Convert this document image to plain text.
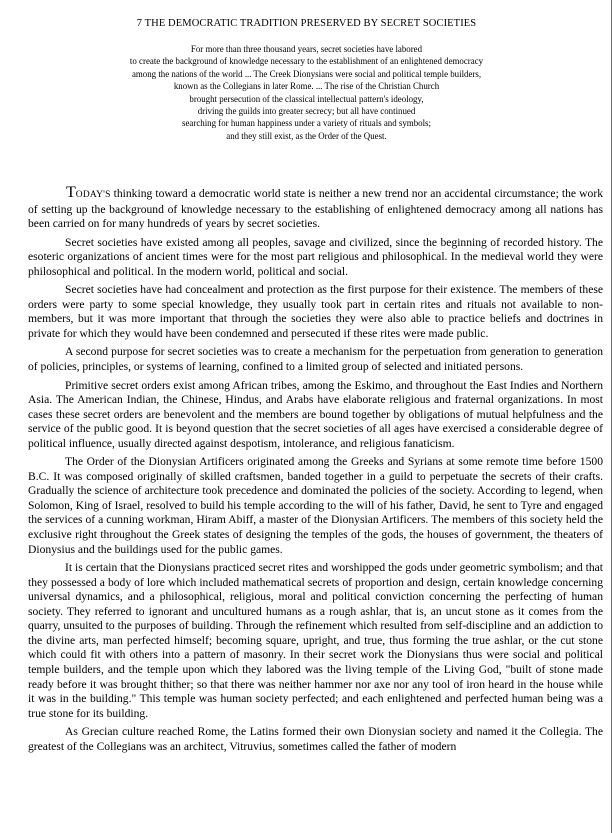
7 THE DEMOCRATIC TRADITION PRESERVED BY SECRET SOCIETIES
For more than three thousand years, secret societies have labored
to create the background of knowledge necessary to the establishment of an enlightened democracy
among the nations of the world ... The Creek Dionysians were social and political temple builders,
known as the Collegians in later Rome. ... The rise of the Christian Church
brought persecution of the classical intellectual pattern's ideology,
driving the guilds into greater secrecy; but all have continued
searching for human happiness under a variety of rituals and symbols;
and they still exist, as the Order of the Quest.

TODAY'S thinking toward a democratic world state is neither a new trend nor an accidental circumstance; the work of setting up the background of knowledge necessary to the establishing of enlightened democracy among all nations has been carried on for many hundreds of years by secret societies.

Secret societies have existed among all peoples, savage and civilized, since the beginning of recorded history. The esoteric organizations of ancient times were for the most part religious and philosophical. In the medieval world they were philosophical and political. In the modern world, political and social.

Secret societies have had concealment and protection as the first purpose for their existence. The members of these orders were party to some special knowledge, they usually took part in certain rites and rituals not available to non-members, but it was more important that through the societies they were also able to practice beliefs and doctrines in private for which they would have been condemned and persecuted if these rites were made public.

A second purpose for secret societies was to create a mechanism for the perpetuation from generation to generation of policies, principles, or systems of learning, confined to a limited group of selected and initiated persons.

Primitive secret orders exist among African tribes, among the Eskimo, and throughout the East Indies and Northern Asia. The American Indian, the Chinese, Hindus, and Arabs have elaborate religious and fraternal organizations. In most cases these secret orders are benevolent and the members are bound together by obligations of mutual helpfulness and the service of the public good. It is beyond question that the secret societies of all ages have exercised a considerable degree of political influence, usually directed against despotism, intolerance, and religious fanaticism.

The Order of the Dionysian Artificers originated among the Greeks and Syrians at some remote time before 1500 B.C. It was composed originally of skilled craftsmen, banded together in a guild to perpetuate the secrets of their crafts. Gradually the science of architecture took precedence and dominated the policies of the society. According to legend, when Solomon, King of Israel, resolved to build his temple according to the will of his father, David, he sent to Tyre and engaged the services of a cunning workman, Hiram Abiff, a master of the Dionysian Artificers. The members of this society held the exclusive right throughout the Greek states of designing the temples of the gods, the houses of government, the theaters of Dionysius and the buildings used for the public games.

It is certain that the Dionysians practiced secret rites and worshipped the gods under geometric symbolism; and that they possessed a body of lore which included mathematical secrets of proportion and design, certain knowledge concerning universal dynamics, and a philosophical, religious, moral and political conviction concerning the perfecting of human society. They referred to ignorant and uncultured humans as a rough ashlar, that is, an uncut stone as it comes from the quarry, unsuited to the purposes of building. Through the refinement which resulted from self-discipline and an addiction to the divine arts, man perfected himself; becoming square, upright, and true, thus forming the true ashlar, or the cut stone which could fit with others into a pattern of masonry. In their secret work the Dionysians thus were social and political temple builders, and the temple upon which they labored was the living temple of the Living God, "built of stone made ready before it was brought thither; so that there was neither hammer nor axe nor any tool of iron heard in the house while it was in the building." This temple was human society perfected; and each enlightened and perfected human being was a true stone for its building.

As Grecian culture reached Rome, the Latins formed their own Dionysian society and named it the Collegia. The greatest of the Collegians was an architect, Vitruvius, sometimes called the father of modern
